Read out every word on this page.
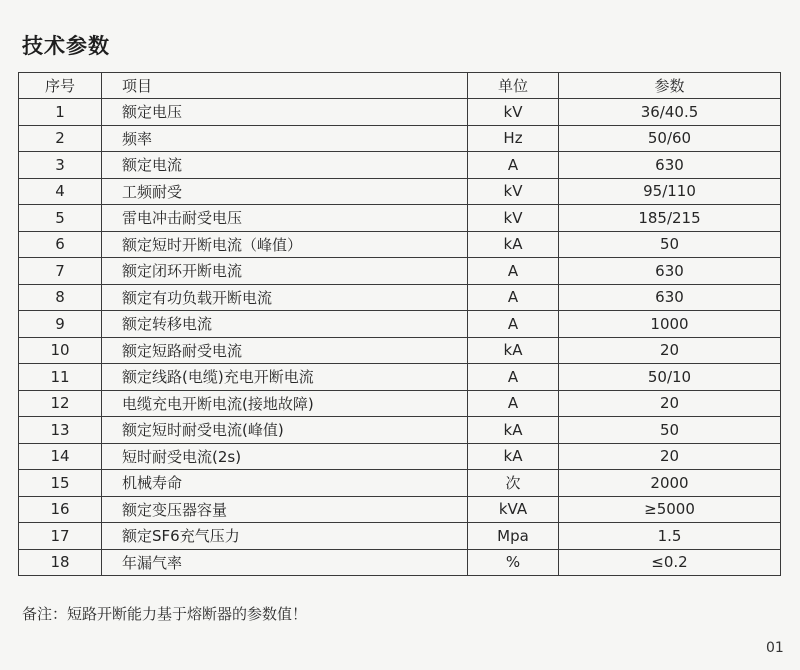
技术参数
序号	项目	单位	参数
1	额定电压	kV	36/40.5
2	频率	Hz	50/60
3	额定电流	A	630
4	工频耐受	kV	95/110
5	雷电冲击耐受电压	kV	185/215
6	额定短时开断电流（峰值）	kA	50
7	额定闭环开断电流	A	630
8	额定有功负载开断电流	A	630
9	额定转移电流	A	1000
10	额定短路耐受电流	kA	20
11	额定线路(电缆)充电开断电流	A	50/10
12	电缆充电开断电流(接地故障)	A	20
13	额定短时耐受电流(峰值)	kA	50
14	短时耐受电流(2s)	kA	20
15	机械寿命	次	2000
16	额定变压器容量	kVA	≥5000
17	额定SF6充气压力	Mpa	1.5
18	年漏气率	%	≤0.2
备注：短路开断能力基于熔断器的参数值！
01
